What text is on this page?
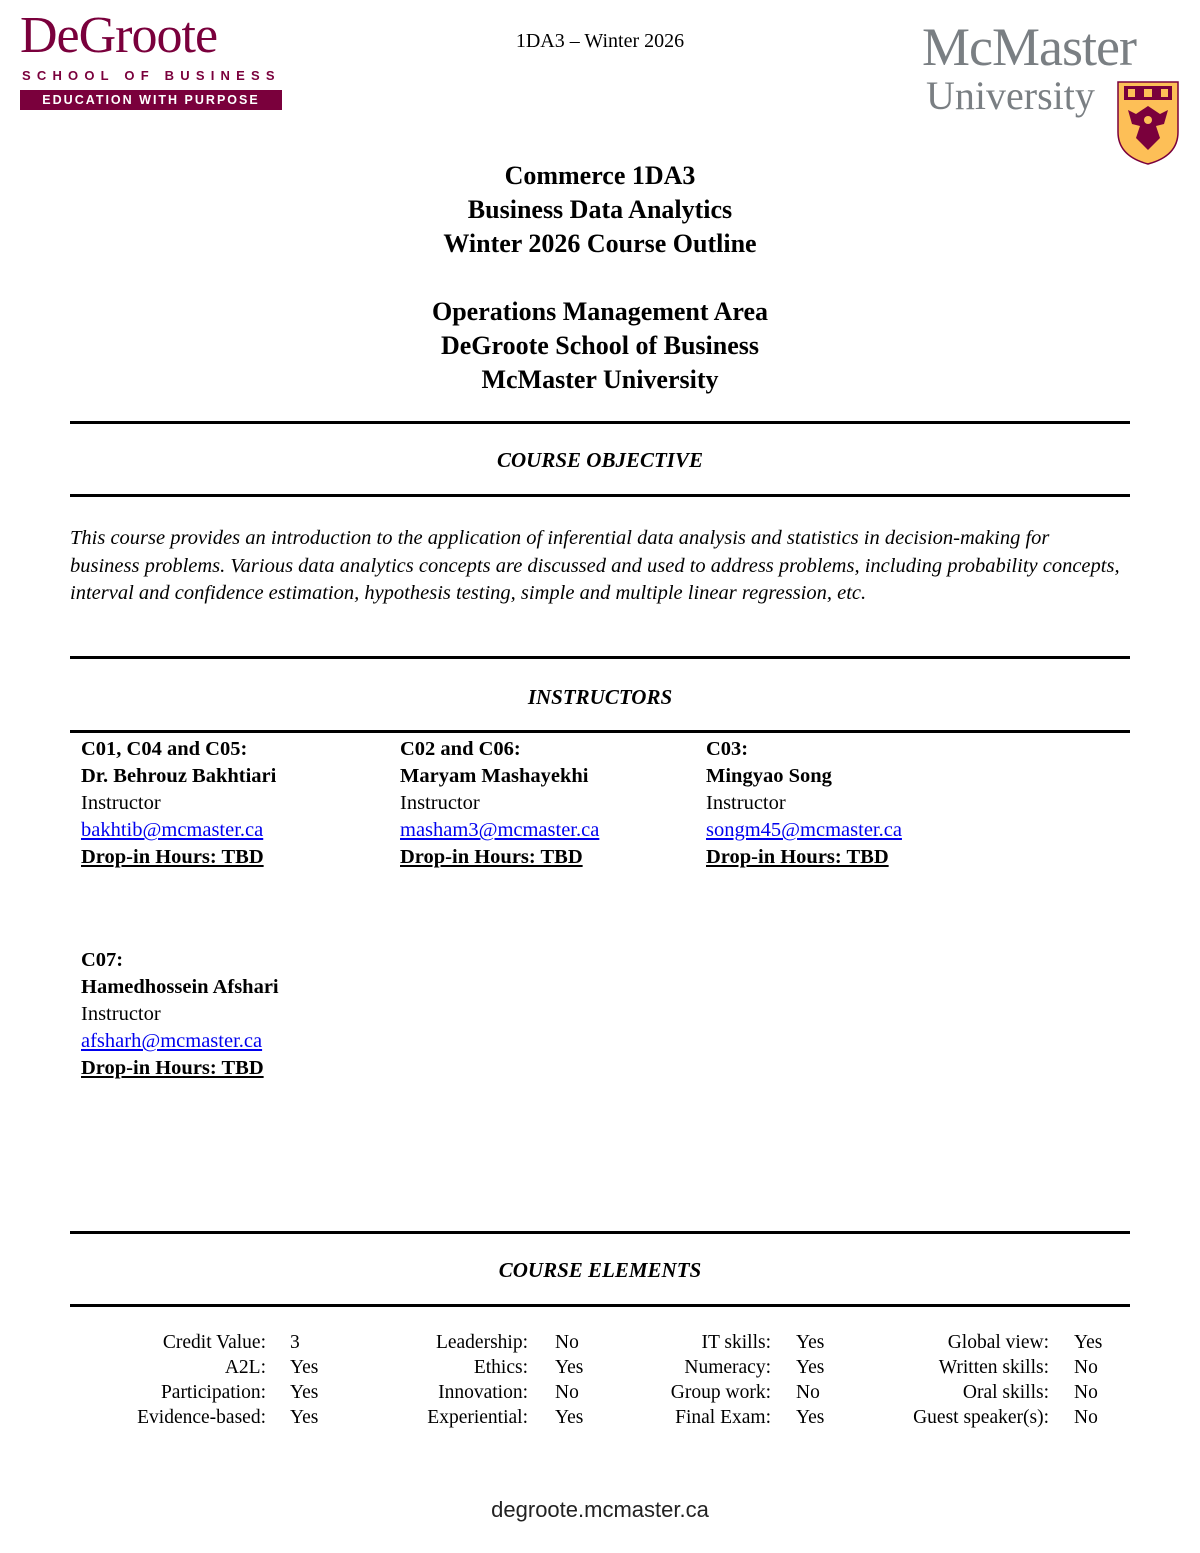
DeGroote
SCHOOL OF BUSINESS
EDUCATION WITH PURPOSE
1DA3 – Winter 2026	McMaster
University
Commerce 1DA3
Business Data Analytics
Winter 2026 Course Outline
Operations Management Area
DeGroote School of Business
McMaster University
COURSE OBJECTIVE
This course provides an introduction to the application of inferential data analysis and statistics in decision-making for business problems. Various data analytics concepts are discussed and used to address problems, including probability concepts, interval and confidence estimation, hypothesis testing, simple and multiple linear regression, etc.
INSTRUCTORS
C01, C04 and C05:
Dr. Behrouz Bakhtiari
Instructor
bakhtib@mcmaster.ca
Drop-in Hours: TBD
C02 and C06:
Maryam Mashayekhi
Instructor
masham3@mcmaster.ca
Drop-in Hours: TBD
C03:
Mingyao Song
Instructor
songm45@mcmaster.ca
Drop-in Hours: TBD
C07:
Hamedhossein Afshari
Instructor
afsharh@mcmaster.ca
Drop-in Hours: TBD
COURSE ELEMENTS
Credit Value: 3	Leadership: No	IT skills: Yes	Global view: Yes
A2L: Yes	Ethics: Yes	Numeracy: Yes	Written skills: No
Participation: Yes	Innovation: No	Group work: No	Oral skills: No
Evidence-based: Yes	Experiential: Yes	Final Exam: Yes	Guest speaker(s): No
degroote.mcmaster.ca
